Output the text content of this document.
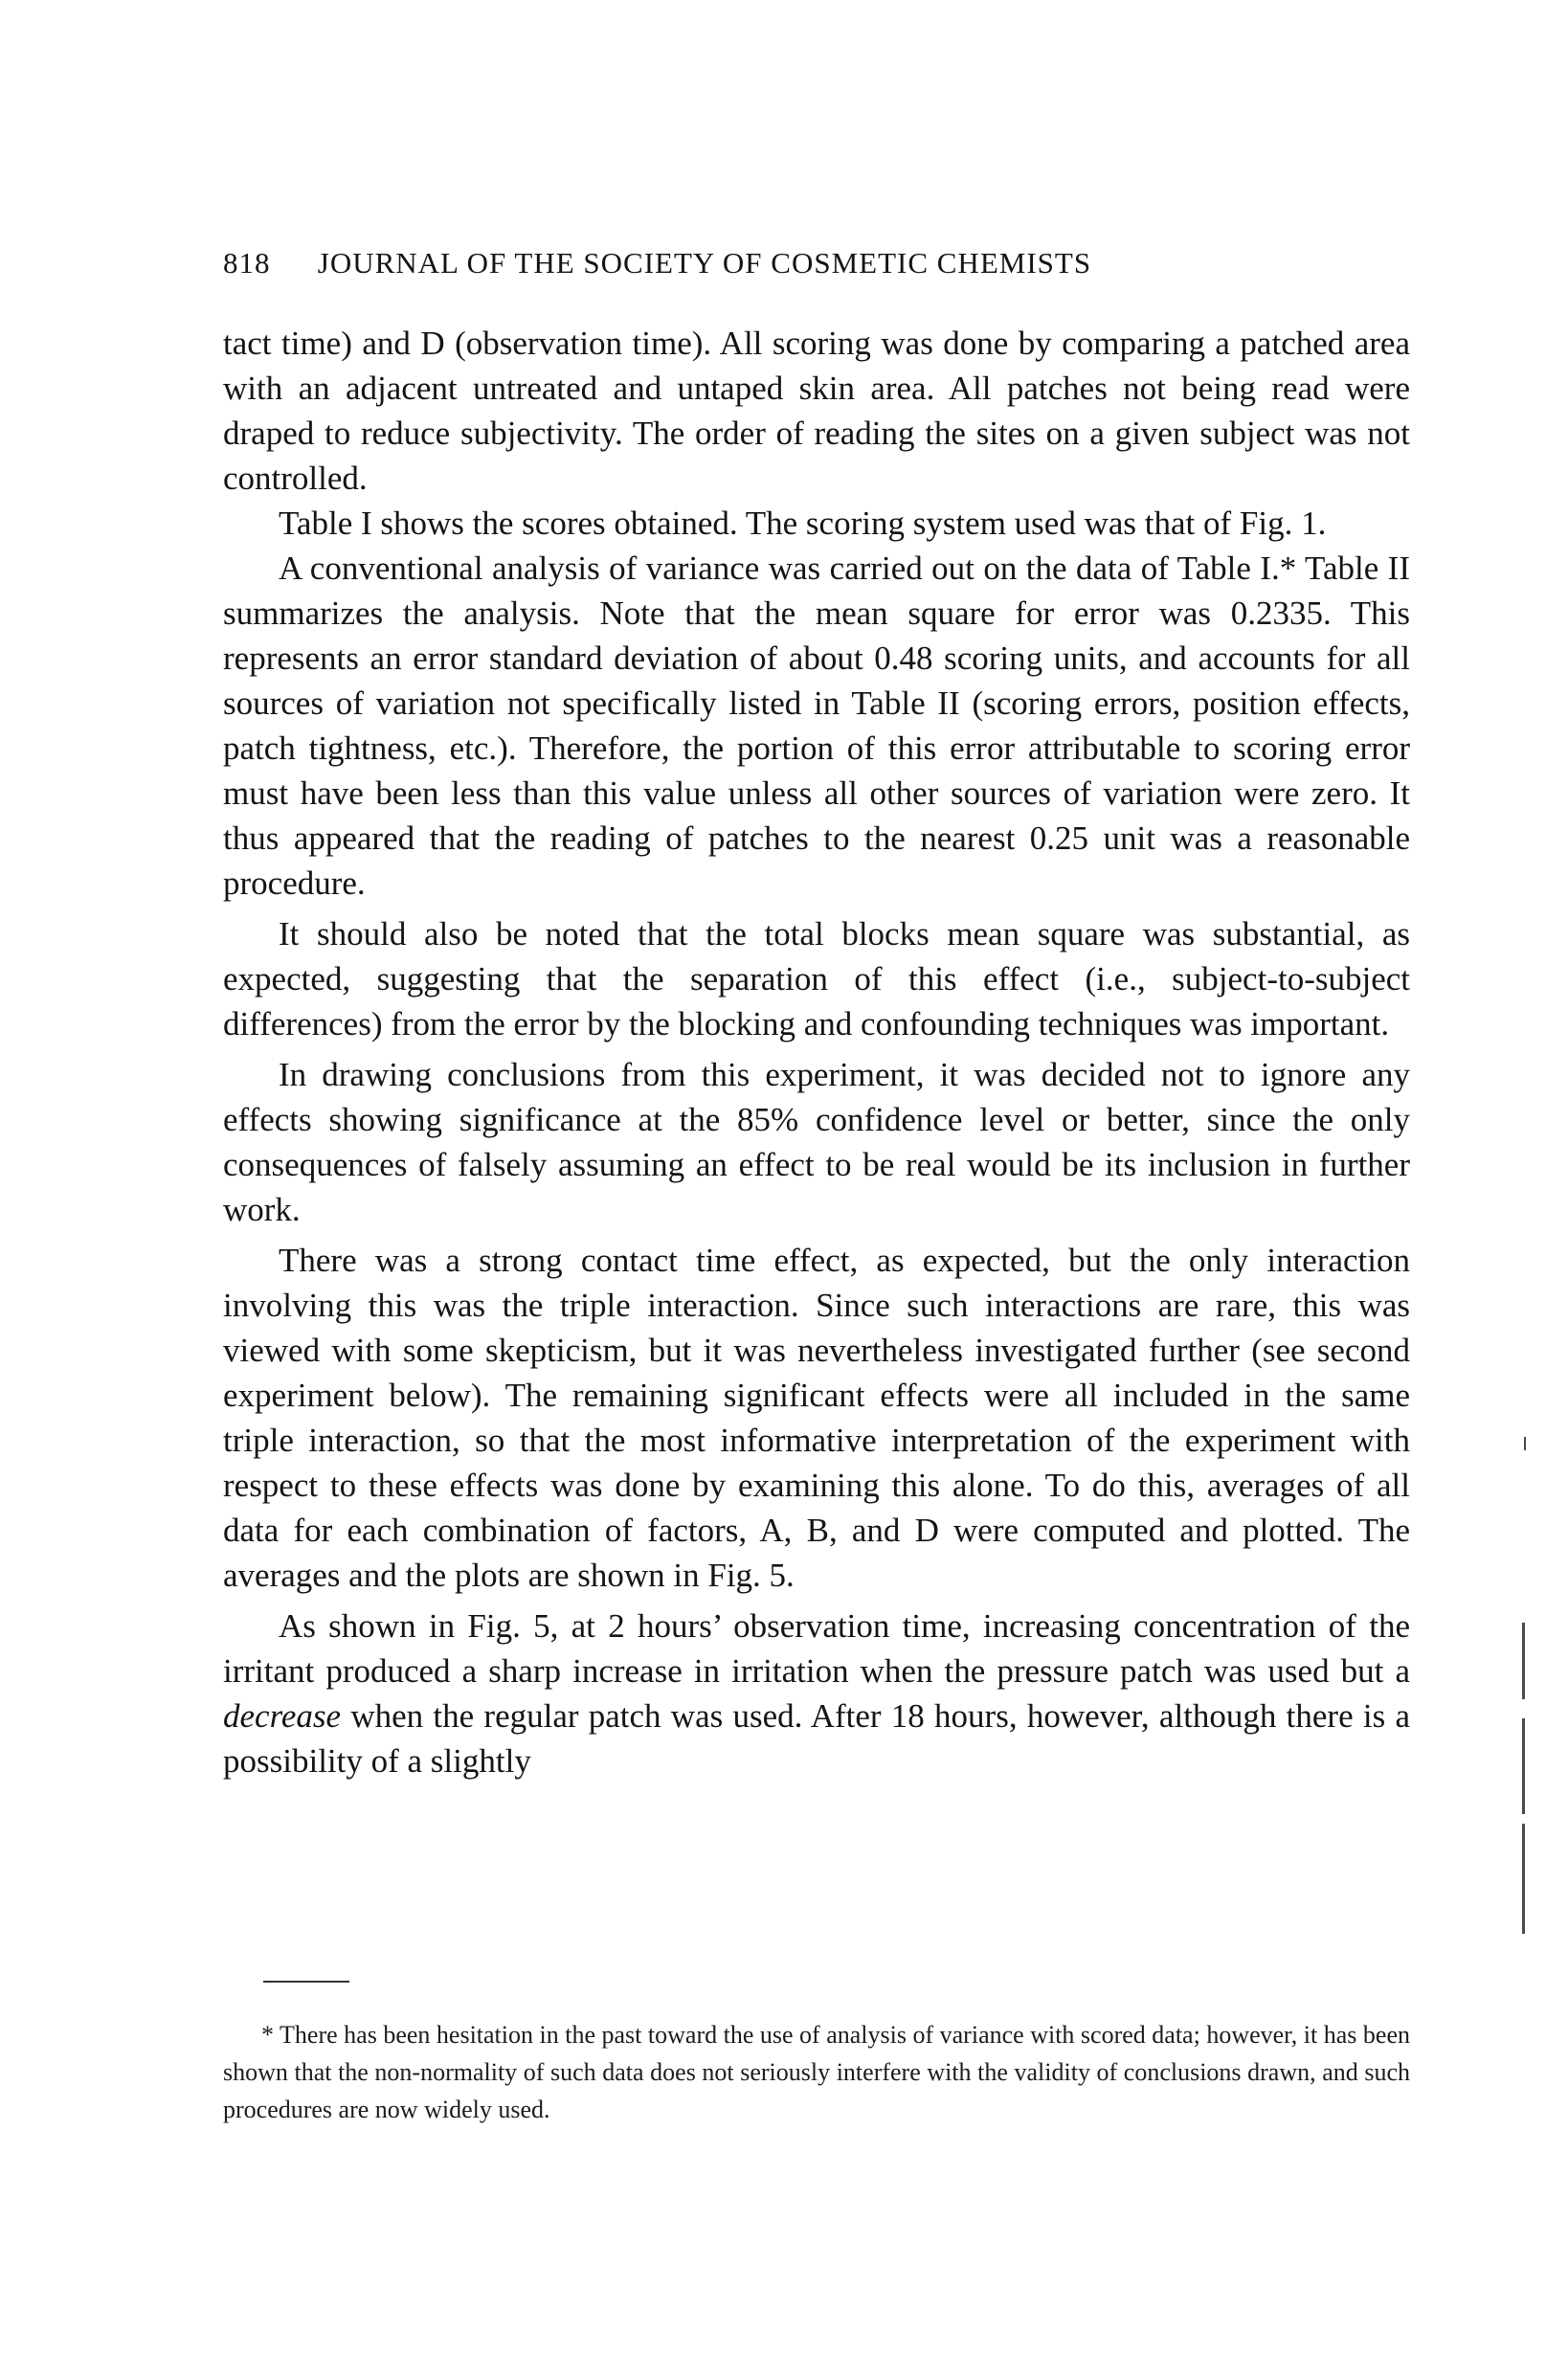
818 JOURNAL OF THE SOCIETY OF COSMETIC CHEMISTS

tact time) and D (observation time). All scoring was done by comparing a patched area with an adjacent untreated and untaped skin area. All patches not being read were draped to reduce subjectivity. The order of reading the sites on a given subject was not controlled.

Table I shows the scores obtained. The scoring system used was that of Fig. 1.

A conventional analysis of variance was carried out on the data of Table I.* Table II summarizes the analysis. Note that the mean square for error was 0.2335. This represents an error standard deviation of about 0.48 scoring units, and accounts for all sources of variation not specifically listed in Table II (scoring errors, position effects, patch tightness, etc.). Therefore, the portion of this error attributable to scoring error must have been less than this value unless all other sources of variation were zero. It thus appeared that the reading of patches to the nearest 0.25 unit was a reasonable procedure.

It should also be noted that the total blocks mean square was substantial, as expected, suggesting that the separation of this effect (i.e., subject-to-subject differences) from the error by the blocking and confounding techniques was important.

In drawing conclusions from this experiment, it was decided not to ignore any effects showing significance at the 85% confidence level or better, since the only consequences of falsely assuming an effect to be real would be its inclusion in further work.

There was a strong contact time effect, as expected, but the only interaction involving this was the triple interaction. Since such interactions are rare, this was viewed with some skepticism, but it was nevertheless investigated further (see second experiment below). The remaining significant effects were all included in the same triple interaction, so that the most informative interpretation of the experiment with respect to these effects was done by examining this alone. To do this, averages of all data for each combination of factors, A, B, and D were computed and plotted. The averages and the plots are shown in Fig. 5.

As shown in Fig. 5, at 2 hours’ observation time, increasing concentration of the irritant produced a sharp increase in irritation when the pressure patch was used but a decrease when the regular patch was used. After 18 hours, however, although there is a possibility of a slightly

* There has been hesitation in the past toward the use of analysis of variance with scored data; however, it has been shown that the non-normality of such data does not seriously interfere with the validity of conclusions drawn, and such procedures are now widely used.
